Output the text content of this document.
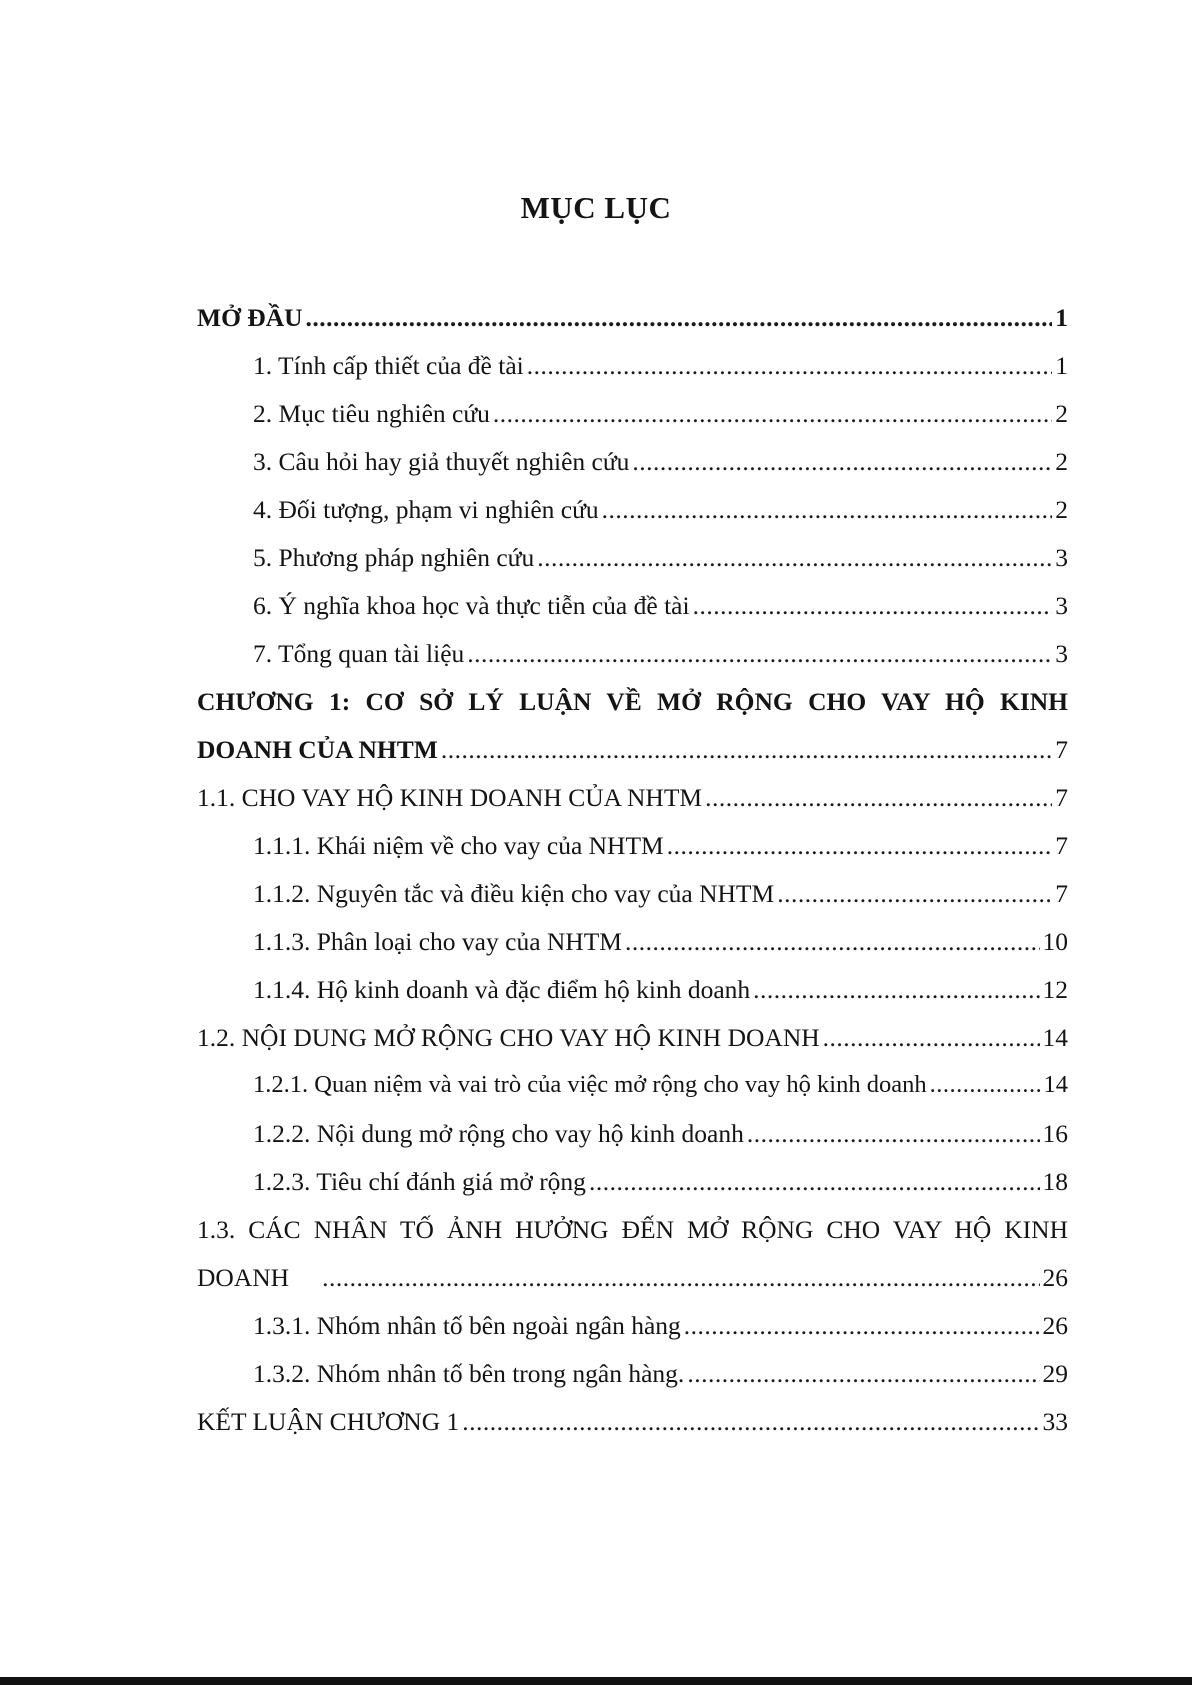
MỤC LỤC
MỞ ĐẦU .....	1
1. Tính cấp thiết của đề tài .....	1
2. Mục tiêu nghiên cứu .....	2
3. Câu hỏi hay giả thuyết nghiên cứu .....	2
4. Đối tượng, phạm vi nghiên cứu .....	2
5. Phương pháp nghiên cứu .....	3
6. Ý nghĩa khoa học và thực tiễn của đề tài .....	3
7. Tổng quan tài liệu .....	3
CHƯƠNG 1: CƠ SỞ LÝ LUẬN VỀ MỞ RỘNG CHO VAY HỘ KINH
DOANH CỦA NHTM .....	7
1.1. CHO VAY HỘ KINH DOANH CỦA NHTM .....	7
1.1.1. Khái niệm về cho vay của NHTM .....	7
1.1.2. Nguyên tắc và điều kiện cho vay của NHTM .....	7
1.1.3. Phân loại cho vay của NHTM .....	10
1.1.4. Hộ kinh doanh và đặc điểm hộ kinh doanh .....	12
1.2. NỘI DUNG MỞ RỘNG CHO VAY HỘ KINH DOANH .....	14
1.2.1. Quan niệm và vai trò của việc mở rộng cho vay hộ kinh doanh .....	14
1.2.2. Nội dung mở rộng cho vay hộ kinh doanh .....	16
1.2.3. Tiêu chí đánh giá mở rộng .....	18
1.3. CÁC NHÂN TỐ ẢNH HƯỞNG ĐẾN MỞ RỘNG CHO VAY HỘ KINH
DOANH .....	26
1.3.1. Nhóm nhân tố bên ngoài ngân hàng .....	26
1.3.2. Nhóm nhân tố bên trong ngân hàng. .....	29
KẾT LUẬN CHƯƠNG 1 .....	33
